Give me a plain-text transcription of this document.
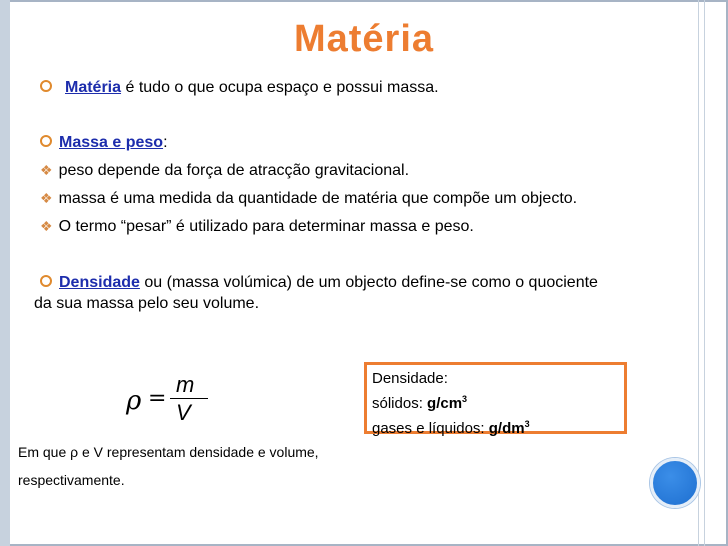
Matéria
Matéria é tudo o que ocupa espaço e possui massa.
Massa e peso:
❖ peso depende da força de atracção gravitacional.
❖ massa é uma medida da quantidade de matéria que compõe um objecto.
❖ O termo “pesar” é utilizado para determinar massa e peso.
Densidade ou (massa volúmica) de um objecto define-se como o quociente
da sua massa pelo seu volume.
ρ =
m
V
Densidade:
sólidos: $g/cm^3$
gases e líquidos: $g/dm^3$
Em que ρ e V representam densidade e volume,
respectivamente.
